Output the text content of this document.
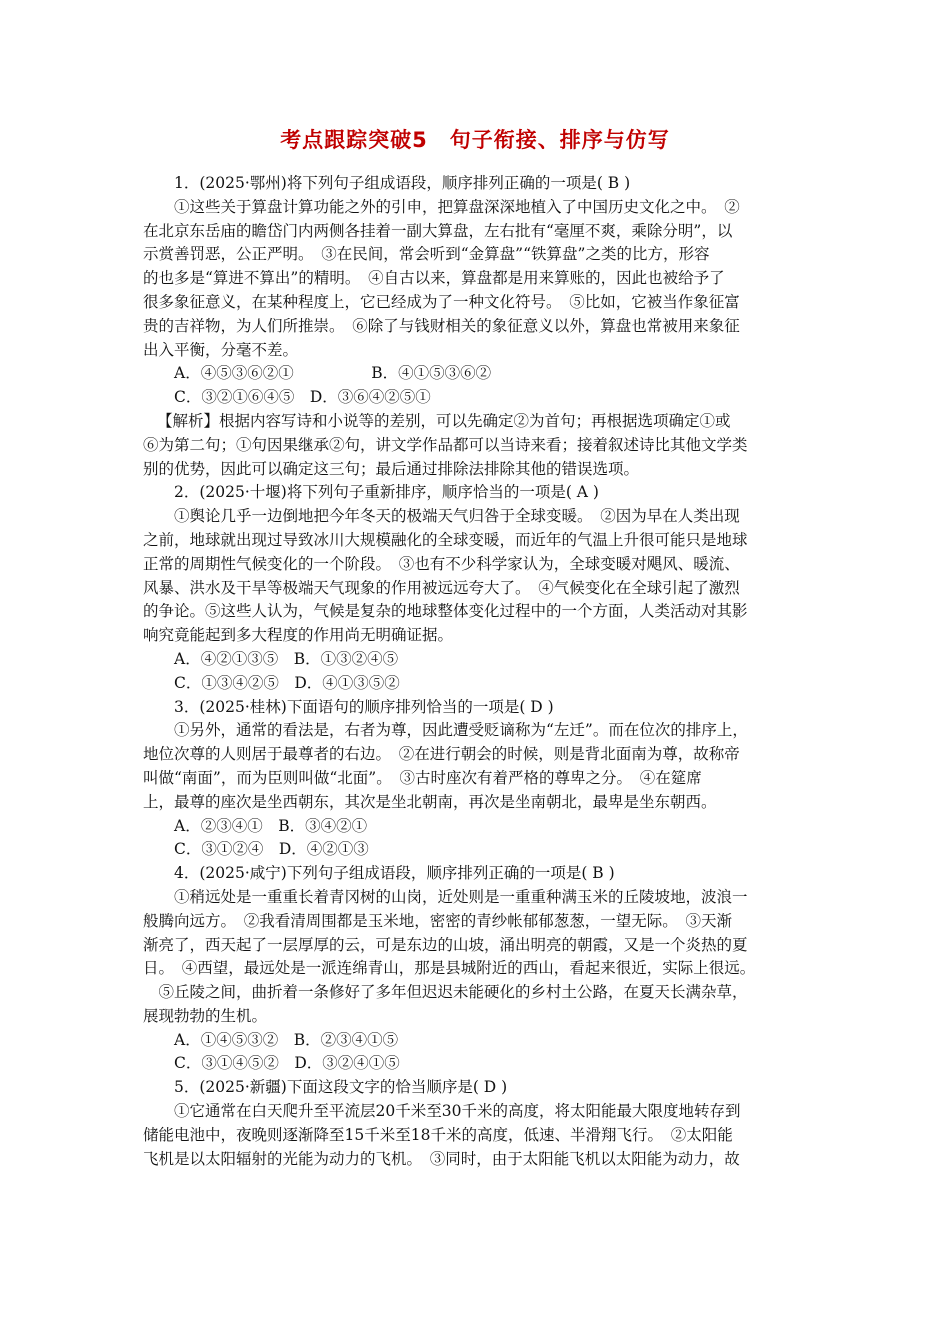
考点跟踪突破5　句子衔接、排序与仿写
1．(2025·鄂州)将下列句子组成语段，顺序排列正确的一项是( B )
①这些关于算盘计算功能之外的引申，把算盘深深地植入了中国历史文化之中。　②
在北京东岳庙的瞻岱门内两侧各挂着一副大算盘，左右批有“毫厘不爽，乘除分明”，以
示赏善罚恶，公正严明。　③在民间，常会听到“金算盘”“铁算盘”之类的比方，形容
的也多是“算进不算出”的精明。　④自古以来，算盘都是用来算账的，因此也被给予了
很多象征意义，在某种程度上，它已经成为了一种文化符号。　⑤比如，它被当作象征富
贵的吉祥物，为人们所推崇。　⑥除了与钱财相关的象征意义以外，算盘也常被用来象征
出入平衡，分毫不差。
A．④⑤③⑥②①　　　　　B．④①⑤③⑥②
C．③②①⑥④⑤　D．③⑥④②⑤①
【解析】根据内容写诗和小说等的差别，可以先确定②为首句；再根据选项确定①或
⑥为第二句；①句因果继承②句，讲文学作品都可以当诗来看；接着叙述诗比其他文学类
别的优势，因此可以确定这三句；最后通过排除法排除其他的错误选项。
2．(2025·十堰)将下列句子重新排序，顺序恰当的一项是( A )
①舆论几乎一边倒地把今年冬天的极端天气归咎于全球变暖。　②因为早在人类出现
之前，地球就出现过导致冰川大规模融化的全球变暖，而近年的气温上升很可能只是地球
正常的周期性气候变化的一个阶段。　③也有不少科学家认为，全球变暖对飓风、暖流、
风暴、洪水及干旱等极端天气现象的作用被远远夸大了。　④气候变化在全球引起了激烈
的争论。⑤这些人认为，气候是复杂的地球整体变化过程中的一个方面，人类活动对其影
响究竟能起到多大程度的作用尚无明确证据。
A．④②①③⑤　B．①③②④⑤
C．①③④②⑤　D．④①③⑤②
3．(2025·桂林)下面语句的顺序排列恰当的一项是( D )
①另外，通常的看法是，右者为尊，因此遭受贬谪称为“左迁”。而在位次的排序上，
地位次尊的人则居于最尊者的右边。　②在进行朝会的时候，则是背北面南为尊，故称帝
叫做“南面”，而为臣则叫做“北面”。　③古时座次有着严格的尊卑之分。　④在筵席
上，最尊的座次是坐西朝东，其次是坐北朝南，再次是坐南朝北，最卑是坐东朝西。
A．②③④①　B．③④②①
C．③①②④　D．④②①③
4．(2025·咸宁)下列句子组成语段，顺序排列正确的一项是( B )
①稍远处是一重重长着青冈树的山岗，近处则是一重重种满玉米的丘陵坡地，波浪一
般腾向远方。　②我看清周围都是玉米地，密密的青纱帐郁郁葱葱，一望无际。　③天渐
渐亮了，西天起了一层厚厚的云，可是东边的山坡，涌出明亮的朝霞，又是一个炎热的夏
日。　④西望，最远处是一派连绵青山，那是县城附近的西山，看起来很近，实际上很远。
　⑤丘陵之间，曲折着一条修好了多年但迟迟未能硬化的乡村土公路，在夏天长满杂草，
展现勃勃的生机。
A．①④⑤③②　B．②③④①⑤
C．③①④⑤②　D．③②④①⑤
5．(2025·新疆)下面这段文字的恰当顺序是( D )
①它通常在白天爬升至平流层20千米至30千米的高度，将太阳能最大限度地转存到
储能电池中，夜晚则逐渐降至15千米至18千米的高度，低速、半滑翔飞行。　②太阳能
飞机是以太阳辐射的光能为动力的飞机。　③同时，由于太阳能飞机以太阳能为动力，故
